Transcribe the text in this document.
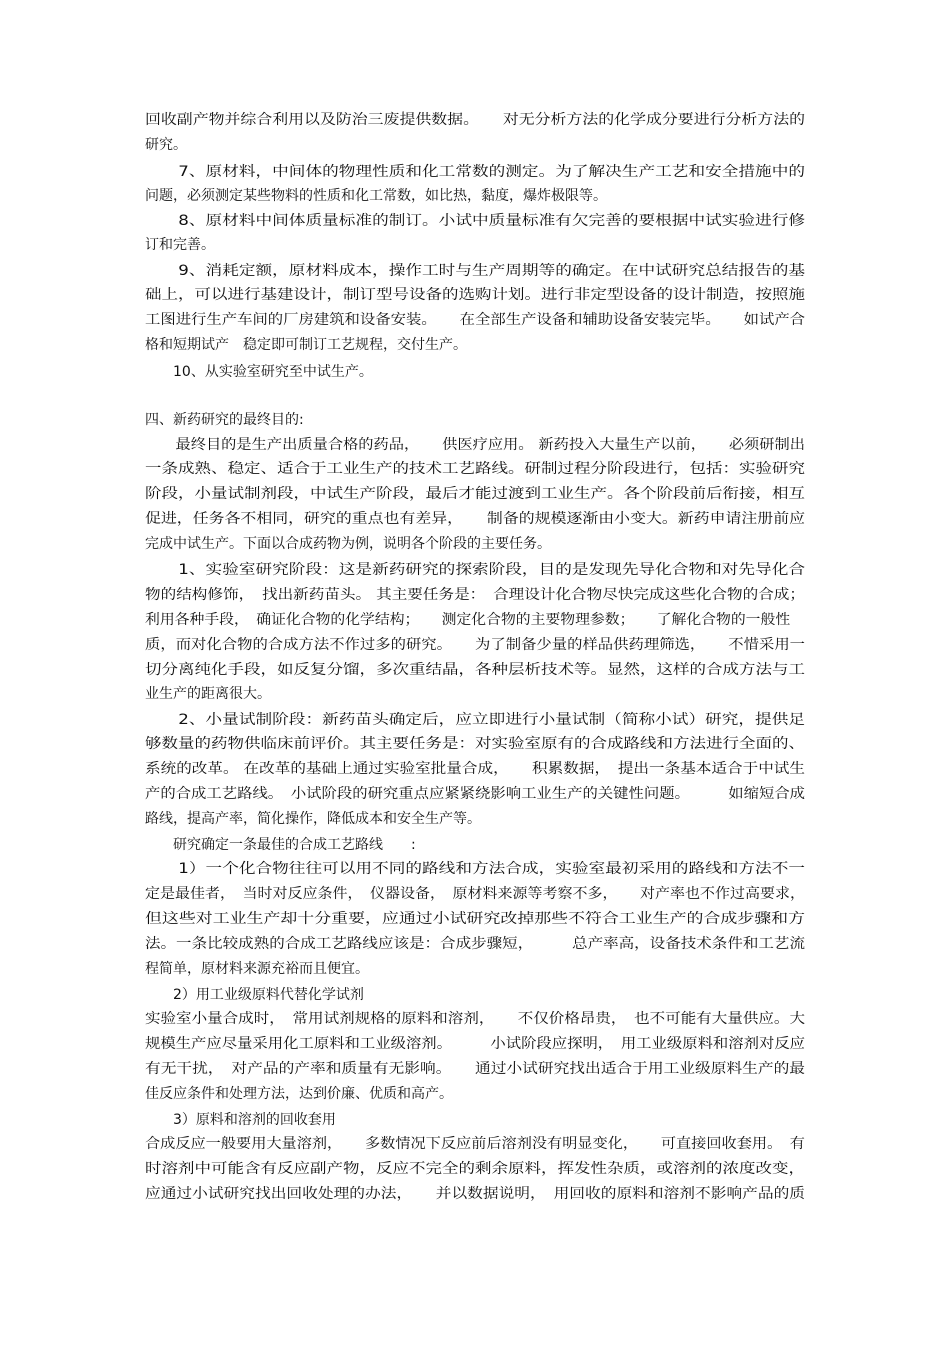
回收副产物并综合利用以及防治三废提供数据。　　对无分析方法的化学成分要进行分析方法的
研究。
　　7、原材料，中间体的物理性质和化工常数的测定。为了解决生产工艺和安全措施中的
问题，必须测定某些物料的性质和化工常数，如比热，黏度，爆炸极限等。
　　8、原材料中间体质量标准的制订。小试中质量标准有欠完善的要根据中试实验进行修
订和完善。
　　9、消耗定额，原材料成本，操作工时与生产周期等的确定。在中试研究总结报告的基
础上，可以进行基建设计，制订型号设备的选购计划。进行非定型设备的设计制造，按照施
工图进行生产车间的厂房建筑和设备安装。　　在全部生产设备和辅助设备安装完毕。　　如试产合
格和短期试产　稳定即可制订工艺规程，交付生产。
　　10、从实验室研究至中试生产。
四、新药研究的最终目的:
　　最终目的是生产出质量合格的药品，　　供医疗应用。 新药投入大量生产以前，　　必须研制出
一条成熟、稳定、适合于工业生产的技术工艺路线。研制过程分阶段进行，包括：实验研究
阶段，小量试制剂段，中试生产阶段，最后才能过渡到工业生产。各个阶段前后衔接，相互
促进，任务各不相同，研究的重点也有差异，　　制备的规模逐渐由小变大。新药申请注册前应
完成中试生产。下面以合成药物为例，说明各个阶段的主要任务。
　　1、实验室研究阶段：这是新药研究的探索阶段，目的是发现先导化合物和对先导化合
物的结构修饰，　找出新药苗头。 其主要任务是：　合理设计化合物尽快完成这些化合物的合成；
利用各种手段，　确证化合物的化学结构；　　测定化合物的主要物理参数；　　了解化合物的一般性
质，而对化合物的合成方法不作过多的研究。　　为了制备少量的样品供药理筛选，　　不惜采用一
切分离纯化手段，如反复分馏，多次重结晶，各种层析技术等。显然，这样的合成方法与工
业生产的距离很大。
　　2、小量试制阶段：新药苗头确定后，应立即进行小量试制（简称小试）研究，提供足
够数量的药物供临床前评价。其主要任务是：对实验室原有的合成路线和方法进行全面的、
系统的改革。 在改革的基础上通过实验室批量合成，　　积累数据，　提出一条基本适合于中试生
产的合成工艺路线。　小试阶段的研究重点应紧紧绕影响工业生产的关键性问题。　　　如缩短合成
路线，提高产率，简化操作，降低成本和安全生产等。
　　研究确定一条最佳的合成工艺路线　　:
　　1）一个化合物往往可以用不同的路线和方法合成，实验室最初采用的路线和方法不一
定是最佳者，　当时对反应条件，　仪器设备，　原材料来源等考察不多，　　对产率也不作过高要求，
但这些对工业生产却十分重要，应通过小试研究改掉那些不符合工业生产的合成步骤和方
法。一条比较成熟的合成工艺路线应该是：合成步骤短，　　　总产率高，设备技术条件和工艺流
程简单，原材料来源充裕而且便宜。
　　2）用工业级原料代替化学试剂
实验室小量合成时，　常用试剂规格的原料和溶剂，　　不仅价格昂贵，　也不可能有大量供应。大
规模生产应尽量采用化工原料和工业级溶剂。　　　小试阶段应探明，　用工业级原料和溶剂对反应
有无干扰，　对产品的产率和质量有无影响。　　通过小试研究找出适合于用工业级原料生产的最
佳反应条件和处理方法，达到价廉、优质和高产。
　　3）原料和溶剂的回收套用
合成反应一般要用大量溶剂，　　多数情况下反应前后溶剂没有明显变化，　　可直接回收套用。　有
时溶剂中可能含有反应副产物，反应不完全的剩余原料，挥发性杂质，或溶剂的浓度改变，
应通过小试研究找出回收处理的办法，　　并以数据说明，　用回收的原料和溶剂不影响产品的质
